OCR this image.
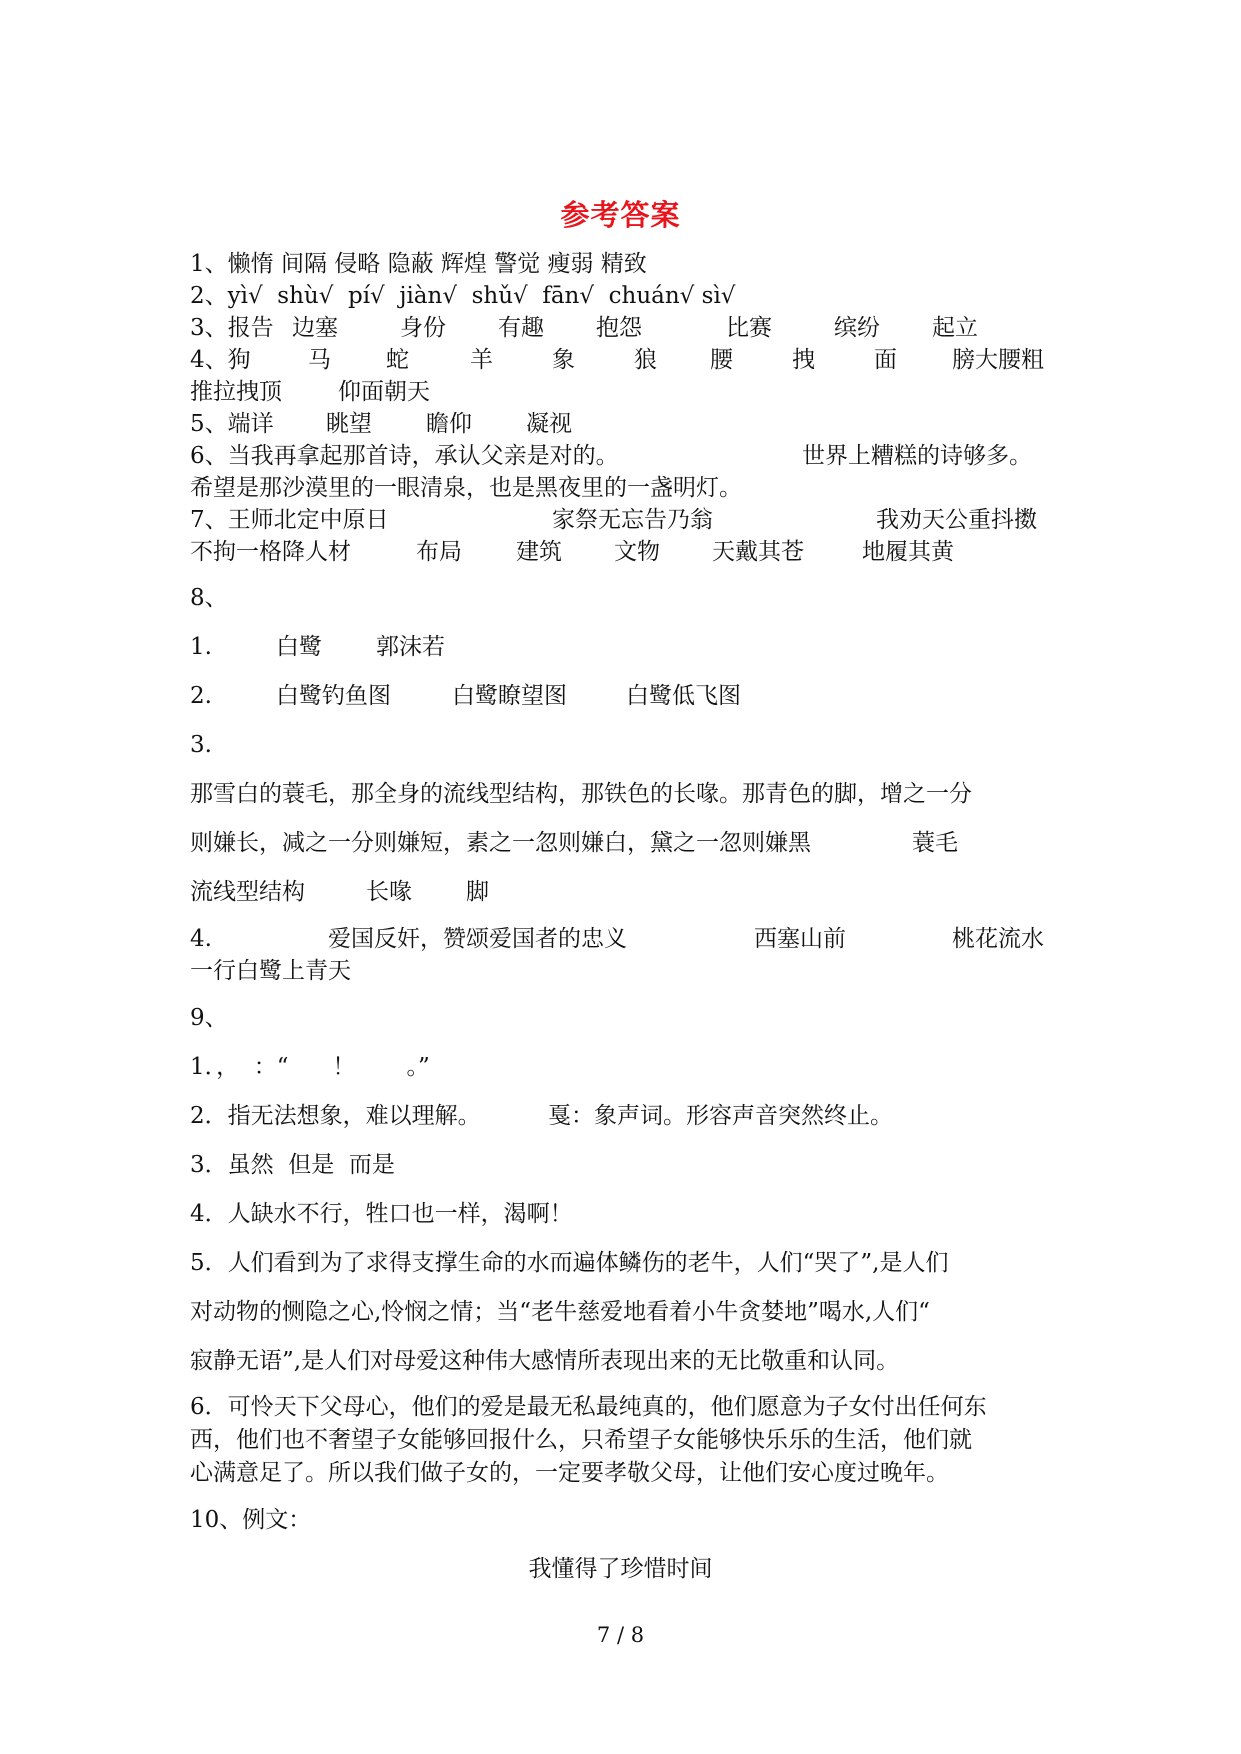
参考答案
1、懒惰 间隔 侵略 隐蔽 辉煌 警觉 瘦弱 精致
2、yì√  shù√  pí√  jiàn√  shǔ√  fān√  chuán√ sì√

3、报告

边塞

	身份

有趣

抱怨

	比赛

	缤纷

起立

4、狗

马

蛇

	羊

	象

	狼

腰

	拽

	面

膀大腰粗

推拉拽顶

仰面朝天

5、端详

眺望

瞻仰

凝视

6、当我再拿起那首诗，承认父亲是对的。

	世界上糟糕的诗够多。

希望是那沙漠里的一眼清泉，也是黑夜里的一盏明灯。

7、王师北定中原日

	家祭无忘告乃翁

	我劝天公重抖擞

不拘一格降人材

	布局

建筑

文物

天戴其苍

	地履其黄

8、

1.

	白鹭

郭沫若

2.

	白鹭钓鱼图

	白鹭瞭望图

	白鹭低飞图

3.
那雪白的蓑毛，那全身的流线型结构，那铁色的长喙。那青色的脚，增之一分

则嫌长，减之一分则嫌短，素之一忽则嫌白，黛之一忽则嫌黑

	蓑毛

流线型结构

	长喙

脚

4.

	爱国反奸，赞颂爱国者的忠义

	西塞山前

	桃花流水

一行白鹭上青天
9、
1．，  ：“      ！       。”

2．指无法想象，难以理解。

	戛：象声词。形容声音突然终止。

3．虽然  但是  而是
4．人缺水不行，牲口也一样，渴啊！
5．人们看到为了求得支撑生命的水而遍体鳞伤的老牛，人们“哭了”,是人们
对动物的恻隐之心,怜悯之情；当“老牛慈爱地看着小牛贪婪地”喝水,人们“
寂静无语”,是人们对母爱这种伟大感情所表现出来的无比敬重和认同。
6．可怜天下父母心，他们的爱是最无私最纯真的，他们愿意为子女付出任何东
西，他们也不奢望子女能够回报什么，只希望子女能够快乐乐的生活，他们就
心满意足了。所以我们做子女的，一定要孝敬父母，让他们安心度过晚年。
10、例文：
我懂得了珍惜时间
7 / 8
